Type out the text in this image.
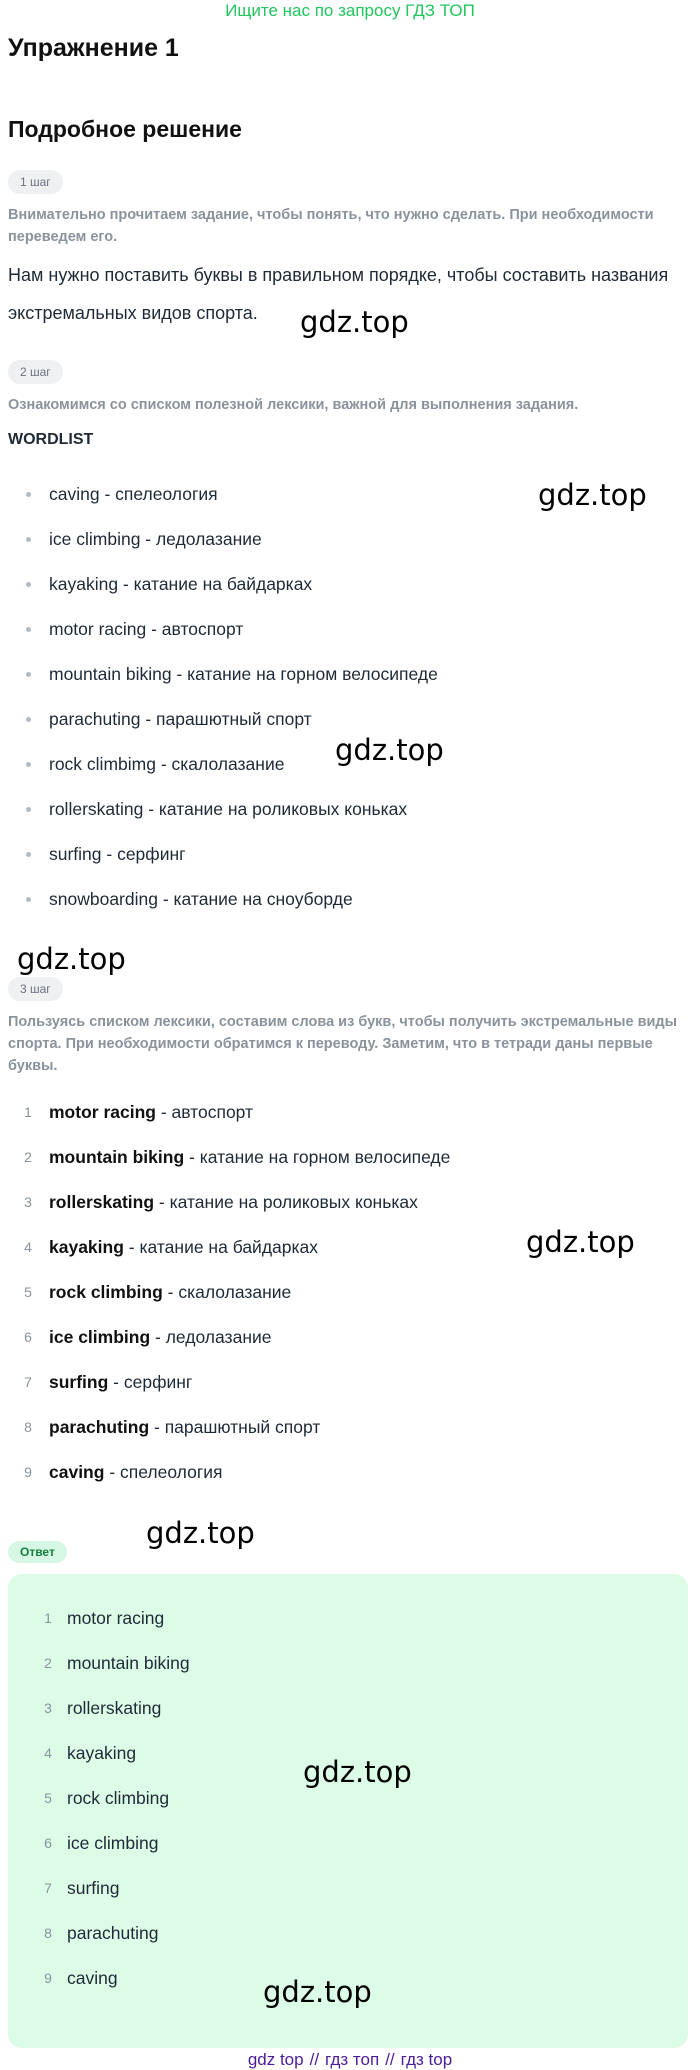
Ищите нас по запросу ГДЗ ТОП
Упражнение 1
Подробное решение
1 шаг
Внимательно прочитаем задание, чтобы понять, что нужно сделать. При необходимости переведем его.
Нам нужно поставить буквы в правильном порядке, чтобы составить названия экстремальных видов спорта.
2 шаг
Ознакомимся со списком полезной лексики, важной для выполнения задания.
WORDLIST
caving - спелеология
ice climbing - ледолазание
kayaking - катание на байдарках
motor racing - автоспорт
mountain biking - катание на горном велосипеде
parachuting - парашютный спорт
rock climbimg - скалолазание
rollerskating - катание на роликовых коньках
surfing - серфинг
snowboarding - катание на сноуборде
3 шаг
Пользуясь списком лексики, составим слова из букв, чтобы получить экстремальные виды спорта. При необходимости обратимся к переводу. Заметим, что в тетради даны первые буквы.
1 motor racing - автоспорт
2 mountain biking - катание на горном велосипеде
3 rollerskating - катание на роликовых коньках
4 kayaking - катание на байдарках
5 rock climbing - скалолазание
6 ice climbing - ледолазание
7 surfing - серфинг
8 parachuting - парашютный спорт
9 caving - спелеология
Ответ
1 motor racing
2 mountain biking
3 rollerskating
4 kayaking
5 rock climbing
6 ice climbing
7 surfing
8 parachuting
9 caving
gdz.top
gdz.top
gdz.top
gdz.top
gdz.top
gdz.top
gdz.top
gdz.top
gdz top // гдз топ // гдз top
